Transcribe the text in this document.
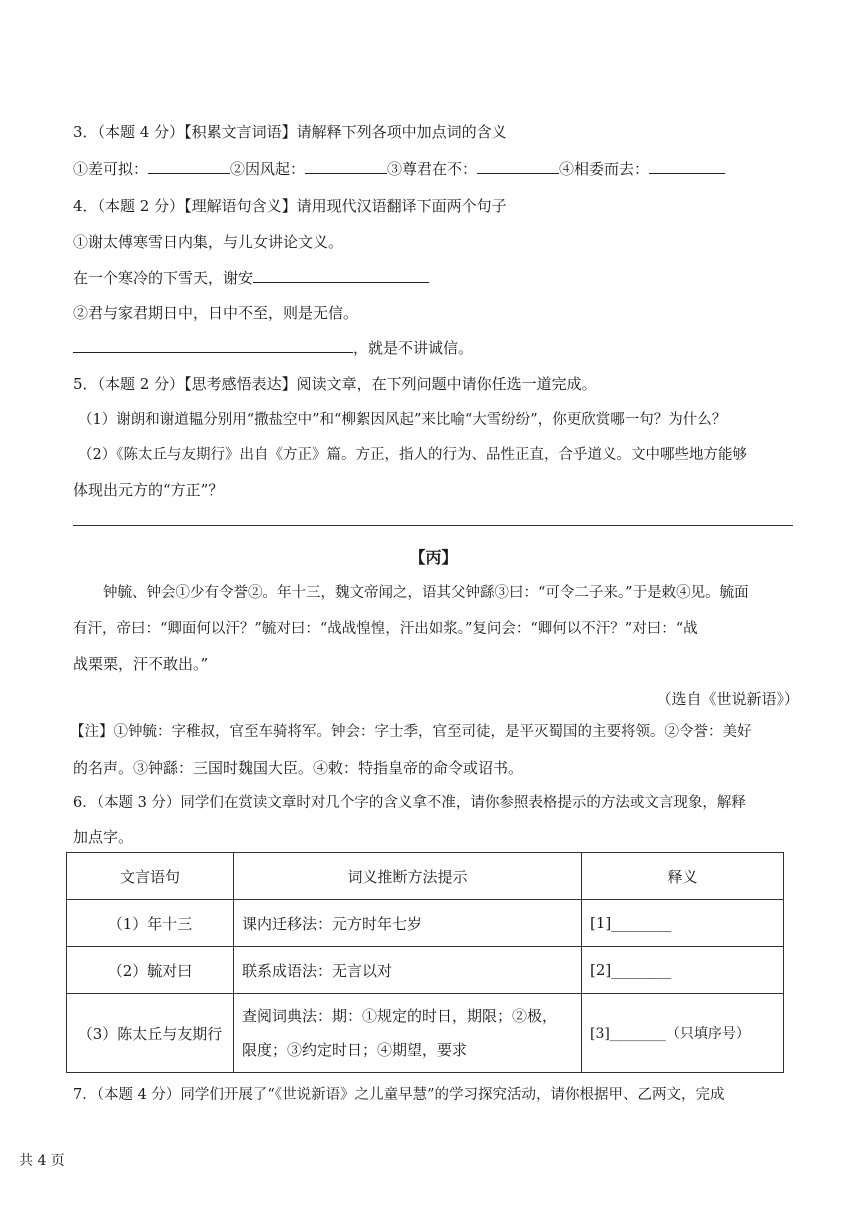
3．（本题 4 分）【积累文言词语】请解释下列各项中加点词的含义
①差可拟：	②因风起：	③尊君在不：	④相委而去：
4．（本题 2 分）【理解语句含义】请用现代汉语翻译下面两个句子
①谢太傅寒雪日内集，与儿女讲论文义。
在一个寒冷的下雪天，谢安
②君与家君期日中，日中不至，则是无信。
，就是不讲诚信。
5．（本题 2 分）【思考感悟表达】阅读文章，在下列问题中请你任选一道完成。
（1）谢朗和谢道韫分别用“撒盐空中”和“柳絮因风起”来比喻“大雪纷纷”，你更欣赏哪一句？为什么？
（2）《陈太丘与友期行》出自《方正》篇。方正，指人的行为、品性正直，合乎道义。文中哪些地方能够
体现出元方的“方正”？
【丙】
钟毓、钟会①少有令誉②。年十三，魏文帝闻之，语其父钟繇③曰：“可令二子来。”于是敕④见。毓面
有汗，帝曰：“卿面何以汗？”毓对曰：“战战惶惶，汗出如浆。”复问会：“卿何以不汗？”对曰：“战
战栗栗，汗不敢出。”
（选自《世说新语》）
【注】①钟毓：字稚叔，官至车骑将军。钟会：字士季，官至司徒，是平灭蜀国的主要将领。②令誉：美好
的名声。③钟繇：三国时魏国大臣。④敕：特指皇帝的命令或诏书。
6．（本题 3 分）同学们在赏读文章时对几个字的含义拿不准，请你参照表格提示的方法或文言现象，解释
加点字。
文言语句	词义推断方法提示	释义
（1）年十三	课内迁移法：元方时年七岁	[1]________
（2）毓对曰	联系成语法：无言以对	[2]________
（3）陈太丘与友期行	查阅词典法：期：①规定的时日，期限；②极，
限度；③约定时日；④期望，要求	[3]________（只填序号）
7．（本题 4 分）同学们开展了“《世说新语》之儿童早慧”的学习探究活动，请你根据甲、乙两文，完成
共 4 页
